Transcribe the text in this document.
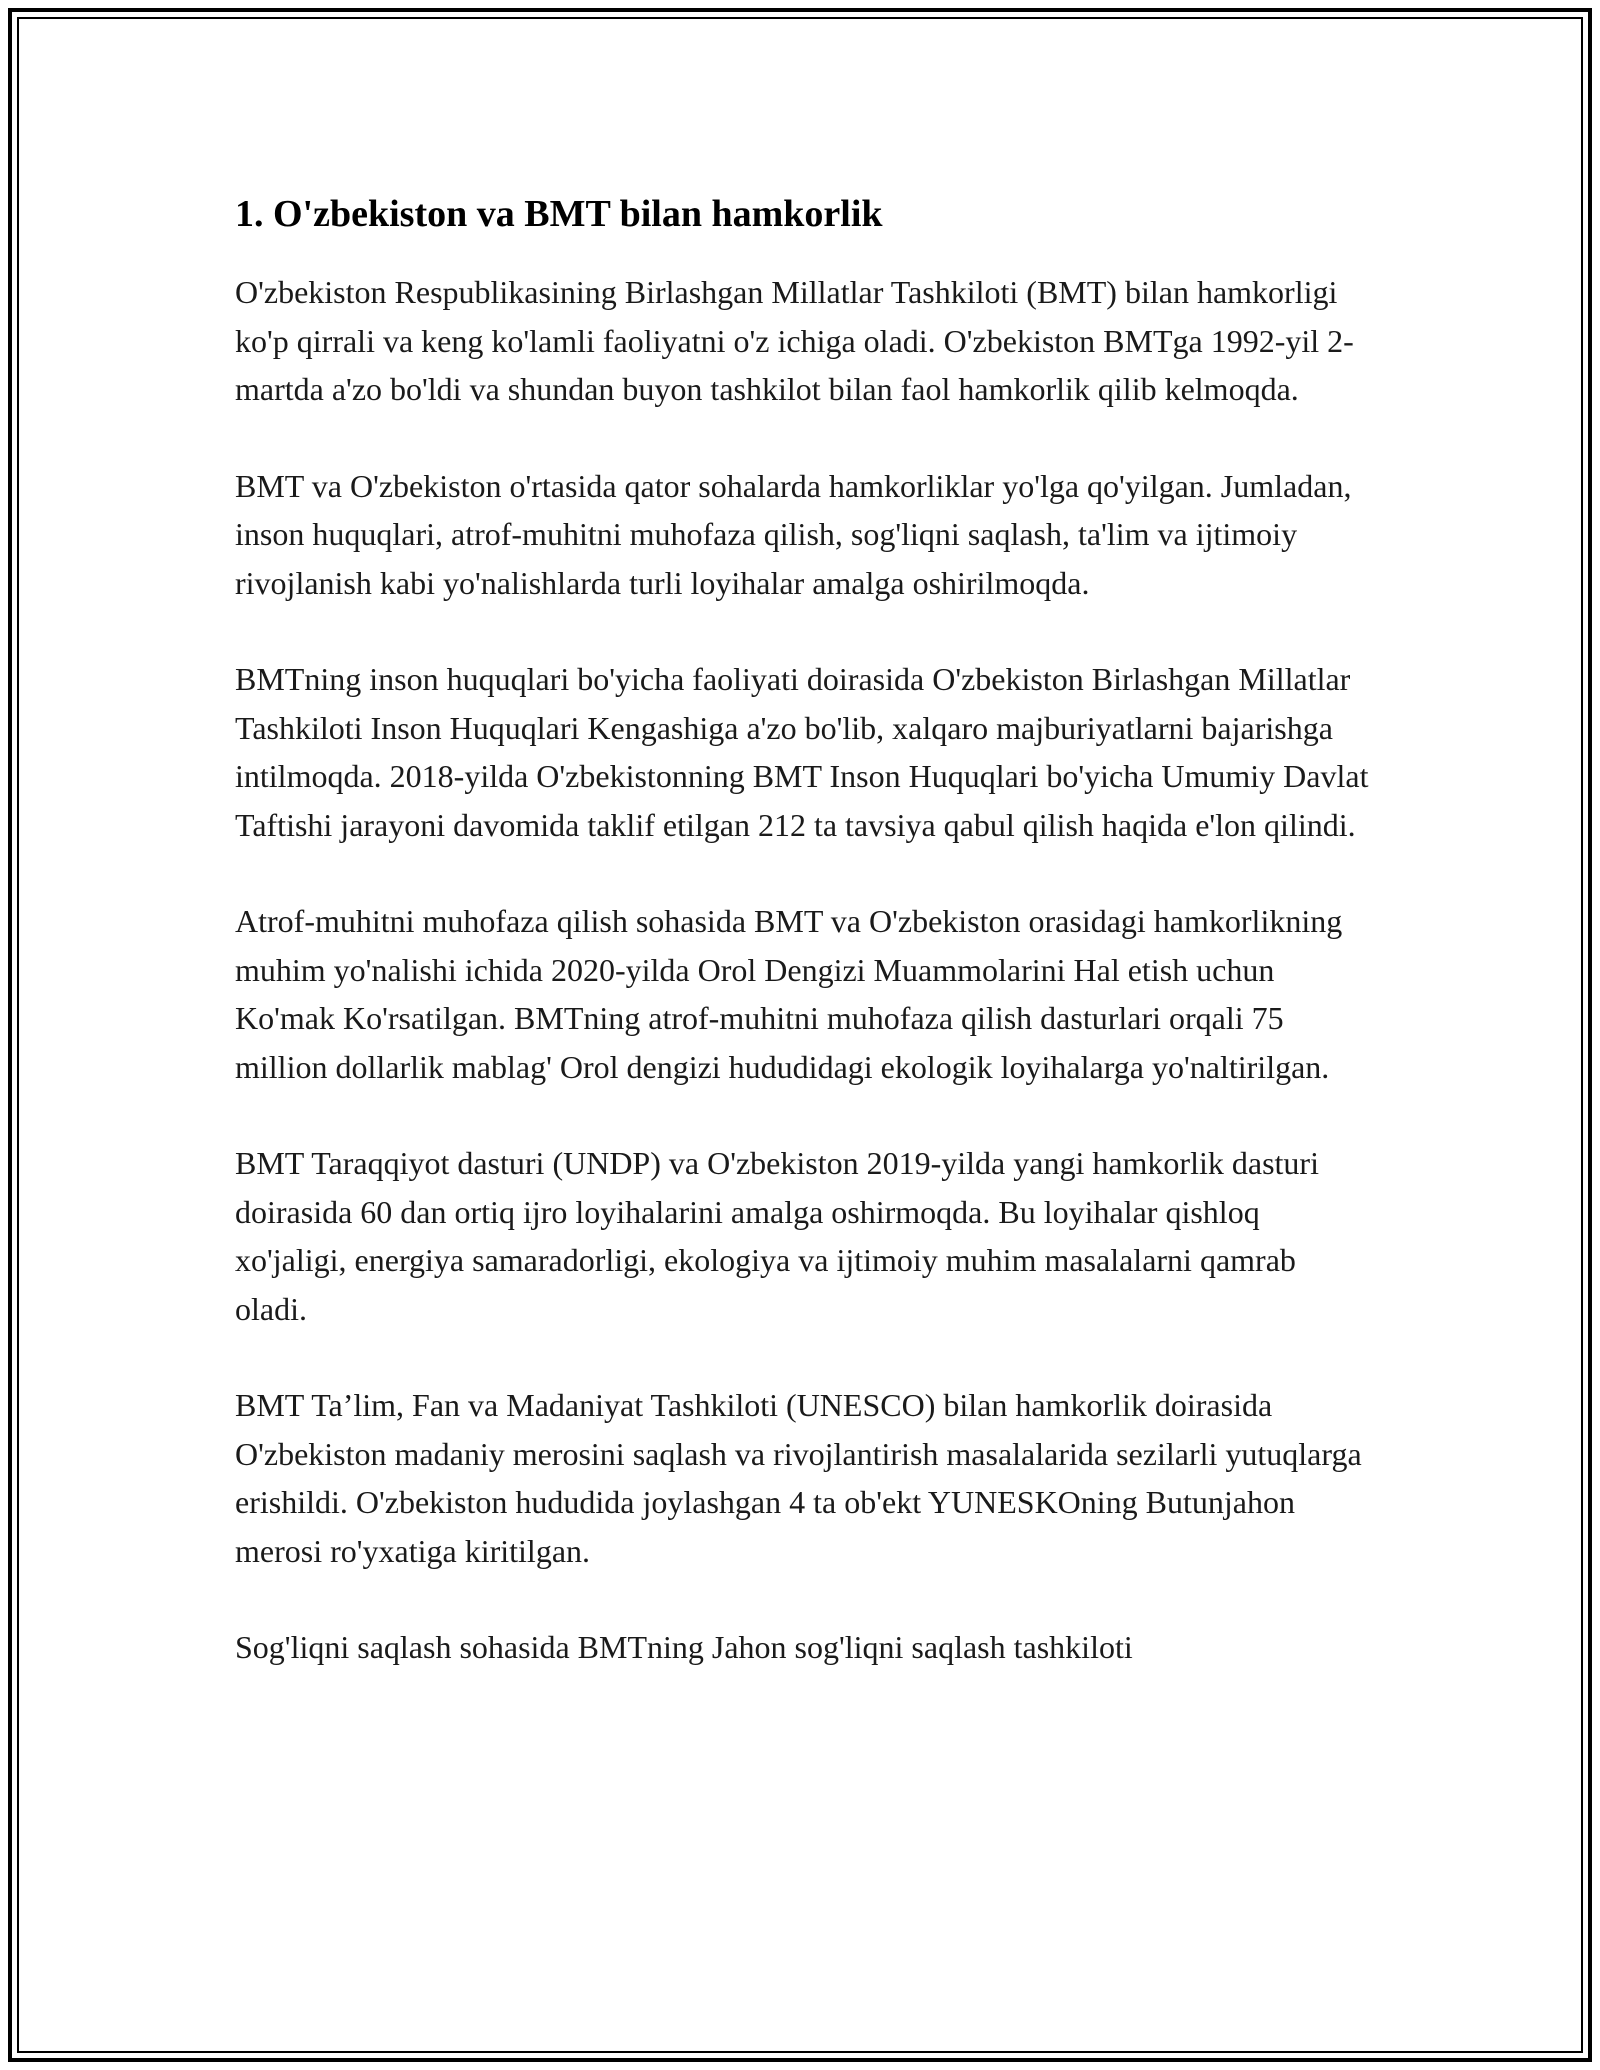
1. O'zbekiston va BMT bilan hamkorlik

O'zbekiston Respublikasining Birlashgan Millatlar Tashkiloti (BMT) bilan hamkorligi ko'p qirrali va keng ko'lamli faoliyatni o'z ichiga oladi. O'zbekiston BMTga 1992-yil 2-martda a'zo bo'ldi va shundan buyon tashkilot bilan faol hamkorlik qilib kelmoqda.

BMT va O'zbekiston o'rtasida qator sohalarda hamkorliklar yo'lga qo'yilgan. Jumladan, inson huquqlari, atrof-muhitni muhofaza qilish, sog'liqni saqlash, ta'lim va ijtimoiy rivojlanish kabi yo'nalishlarda turli loyihalar amalga oshirilmoqda.

BMTning inson huquqlari bo'yicha faoliyati doirasida O'zbekiston Birlashgan Millatlar Tashkiloti Inson Huquqlari Kengashiga a'zo bo'lib, xalqaro majburiyatlarni bajarishga intilmoqda. 2018-yilda O'zbekistonning BMT Inson Huquqlari bo'yicha Umumiy Davlat Taftishi jarayoni davomida taklif etilgan 212 ta tavsiya qabul qilish haqida e'lon qilindi.

Atrof-muhitni muhofaza qilish sohasida BMT va O'zbekiston orasidagi hamkorlikning muhim yo'nalishi ichida 2020-yilda Orol Dengizi Muammolarini Hal etish uchun Ko'mak Ko'rsatilgan. BMTning atrof-muhitni muhofaza qilish dasturlari orqali 75 million dollarlik mablag' Orol dengizi hududidagi ekologik loyihalarga yo'naltirilgan.

BMT Taraqqiyot dasturi (UNDP) va O'zbekiston 2019-yilda yangi hamkorlik dasturi doirasida 60 dan ortiq ijro loyihalarini amalga oshirmoqda. Bu loyihalar qishloq xo'jaligi, energiya samaradorligi, ekologiya va ijtimoiy muhim masalalarni qamrab oladi.

BMT Ta’lim, Fan va Madaniyat Tashkiloti (UNESCO) bilan hamkorlik doirasida O'zbekiston madaniy merosini saqlash va rivojlantirish masalalarida sezilarli yutuqlarga erishildi. O'zbekiston hududida joylashgan 4 ta ob'ekt YUNESKOning Butunjahon merosi ro'yxatiga kiritilgan.

Sog'liqni saqlash sohasida BMTning Jahon sog'liqni saqlash tashkiloti
